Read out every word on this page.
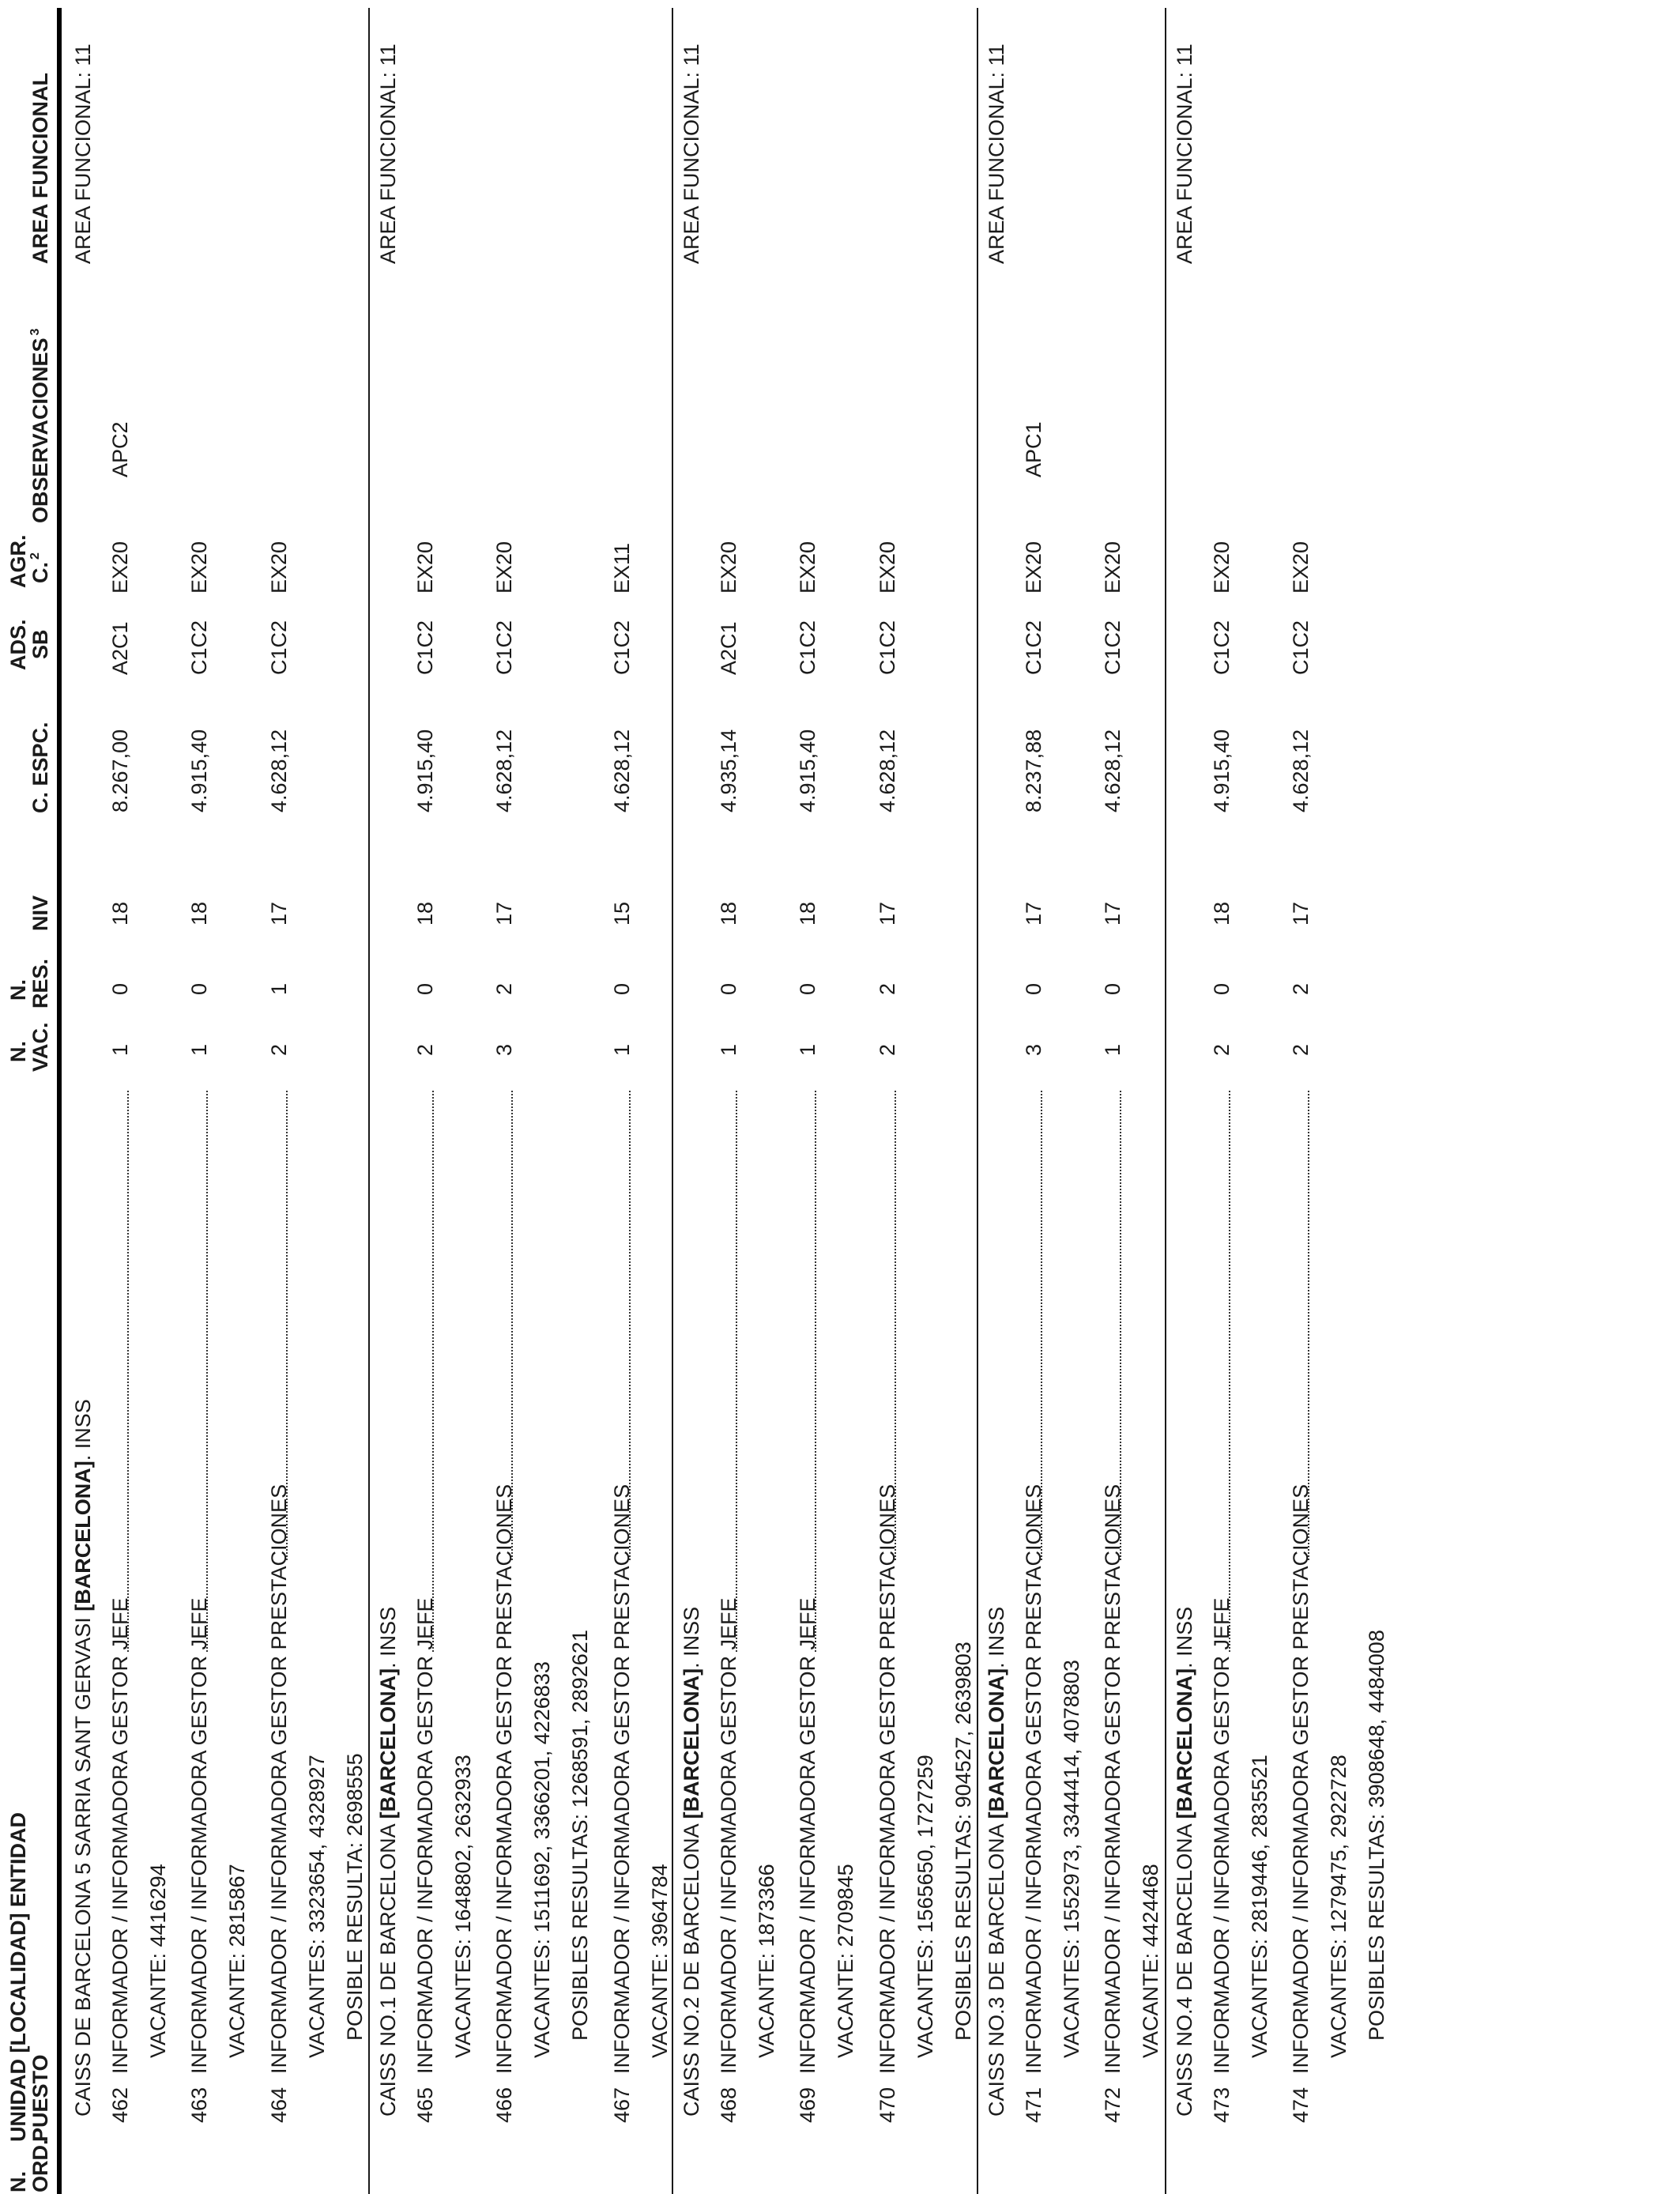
N.
ORD.
UNIDAD [LOCALIDAD] ENTIDAD
PUESTO
N.
VAC.
N.
RES.
NIV
C. ESPC.
ADS.
SB
AGR.
C.$^2$
OBSERVACIONES$^3$
AREA FUNCIONAL
CAISS DE BARCELONA 5 SARRIA SANT GERVASI [BARCELONA]. INSS
AREA FUNCIONAL: 11
462
INFORMADOR / INFORMADORA GESTOR JEFE
1
0
18
8.267,00
A2C1
EX20
APC2
VACANTE: 4416294
463
INFORMADOR / INFORMADORA GESTOR JEFE
1
0
18
4.915,40
C1C2
EX20
VACANTE: 2815867
464
INFORMADOR / INFORMADORA GESTOR PRESTACIONES
2
1
17
4.628,12
C1C2
EX20
VACANTES: 3323654, 4328927 POSIBLE RESULTA: 2698555 CAISS NO.1 DE BARCELONA [BARCELONA]. INSS
AREA FUNCIONAL: 11
465
INFORMADOR / INFORMADORA GESTOR JEFE
2
0
18
4.915,40
C1C2
EX20
VACANTES: 1648802, 2632933
466
INFORMADOR / INFORMADORA GESTOR PRESTACIONES
3
2
17
4.628,12
C1C2
EX20
VACANTES: 1511692, 3366201, 4226833 POSIBLES RESULTAS: 1268591, 2892621
467
INFORMADOR / INFORMADORA GESTOR PRESTACIONES
1
0
15
4.628,12
C1C2
EX11
VACANTE: 3964784 CAISS NO.2 DE BARCELONA [BARCELONA]. INSS
AREA FUNCIONAL: 11
468
INFORMADOR / INFORMADORA GESTOR JEFE
1
0
18
4.935,14
A2C1
EX20
VACANTE: 1873366
469
INFORMADOR / INFORMADORA GESTOR JEFE
1
0
18
4.915,40
C1C2
EX20
VACANTE: 2709845
470
INFORMADOR / INFORMADORA GESTOR PRESTACIONES
2
2
17
4.628,12
C1C2
EX20
VACANTES: 1565650, 1727259 POSIBLES RESULTAS: 904527, 2639803 CAISS NO.3 DE BARCELONA [BARCELONA]. INSS
AREA FUNCIONAL: 11
471
INFORMADOR / INFORMADORA GESTOR PRESTACIONES
3
0
17
8.237,88
C1C2
EX20
APC1
VACANTES: 1552973, 3344414, 4078803
472
INFORMADOR / INFORMADORA GESTOR PRESTACIONES
1
0
17
4.628,12
C1C2
EX20
VACANTE: 4424468 CAISS NO.4 DE BARCELONA [BARCELONA]. INSS
AREA FUNCIONAL: 11
473
INFORMADOR / INFORMADORA GESTOR JEFE
2
0
18
4.915,40
C1C2
EX20
VACANTES: 2819446, 2835521
474
INFORMADOR / INFORMADORA GESTOR PRESTACIONES
2
2
17
4.628,12
C1C2
EX20
VACANTES: 1279475, 2922728 POSIBLES RESULTAS: 3908648, 4484008
